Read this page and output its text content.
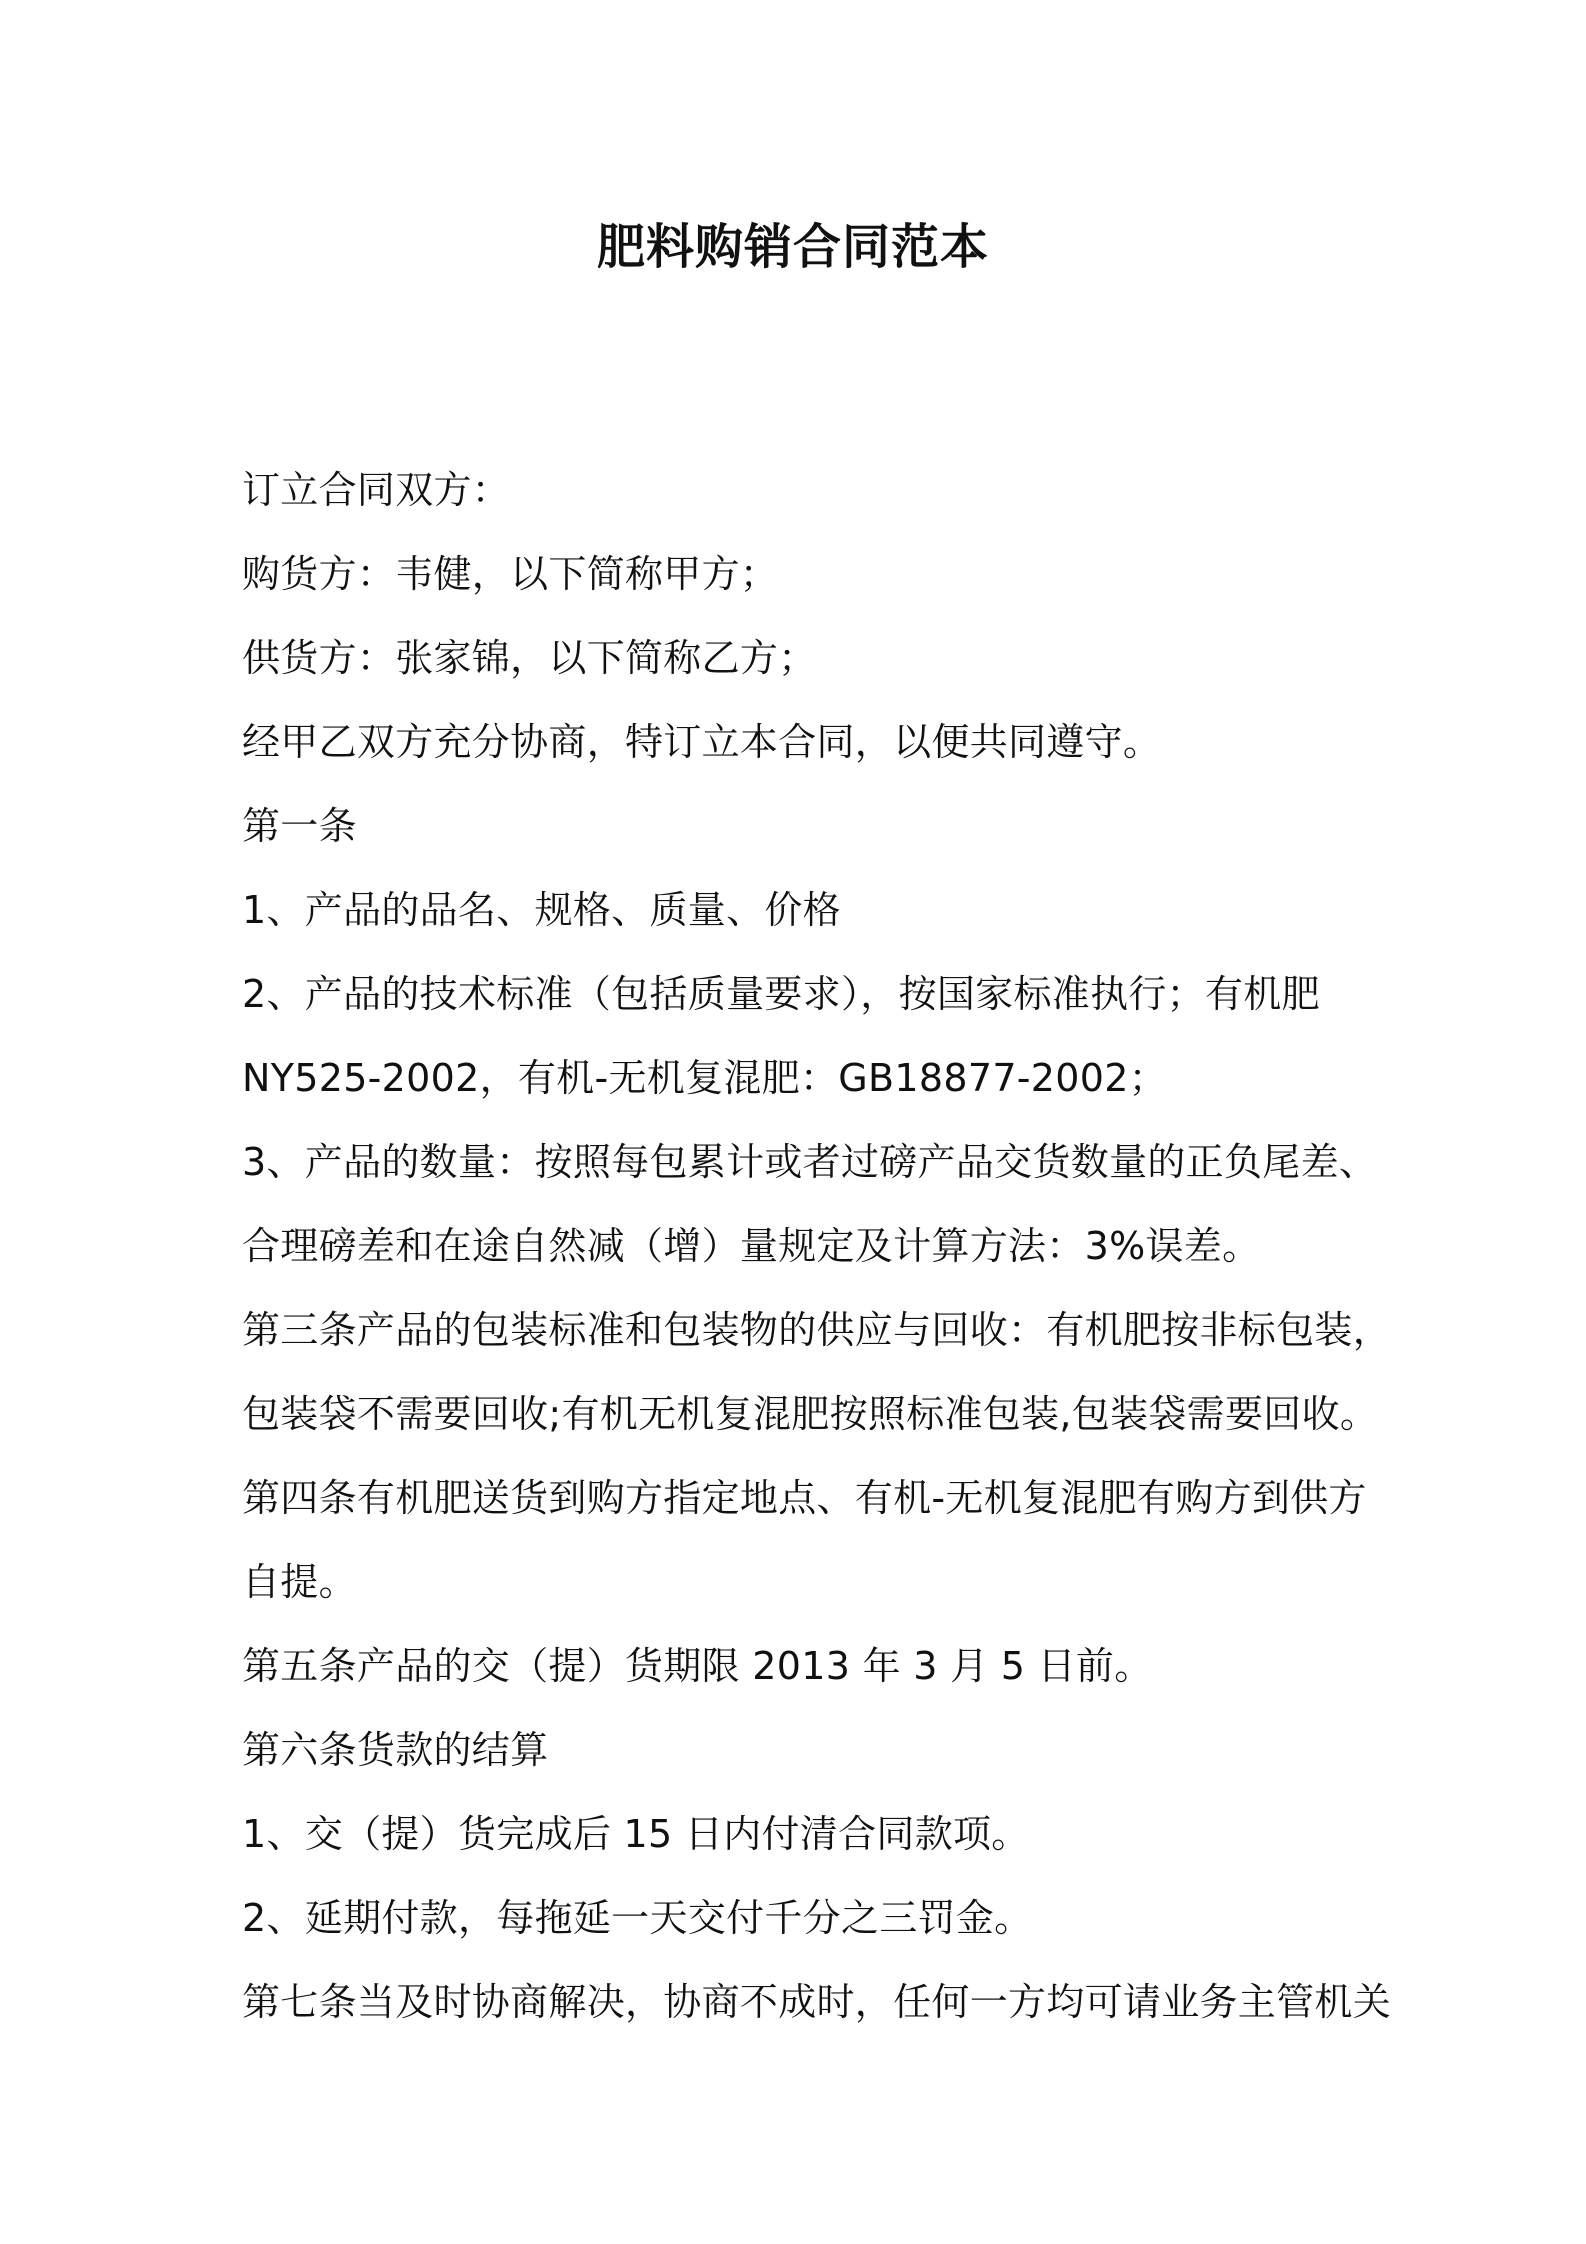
肥料购销合同范本
订立合同双方：
购货方：韦健，以下简称甲方；
供货方：张家锦，以下简称乙方；
经甲乙双方充分协商，特订立本合同，以便共同遵守。
第一条
1、产品的品名、规格、质量、价格
2、产品的技术标准（包括质量要求），按国家标准执行；有机肥
NY525-2002，有机-无机复混肥：GB18877-2002；
3、产品的数量：按照每包累计或者过磅产品交货数量的正负尾差、
合理磅差和在途自然减（增）量规定及计算方法：3%误差。
第三条产品的包装标准和包装物的供应与回收：有机肥按非标包装，
包装袋不需要回收;有机无机复混肥按照标准包装,包装袋需要回收。
第四条有机肥送货到购方指定地点、有机-无机复混肥有购方到供方
自提。
第五条产品的交（提）货期限 2013 年 3 月 5 日前。
第六条货款的结算
1、交（提）货完成后 15 日内付清合同款项。
2、延期付款，每拖延一天交付千分之三罚金。
第七条当及时协商解决，协商不成时，任何一方均可请业务主管机关
